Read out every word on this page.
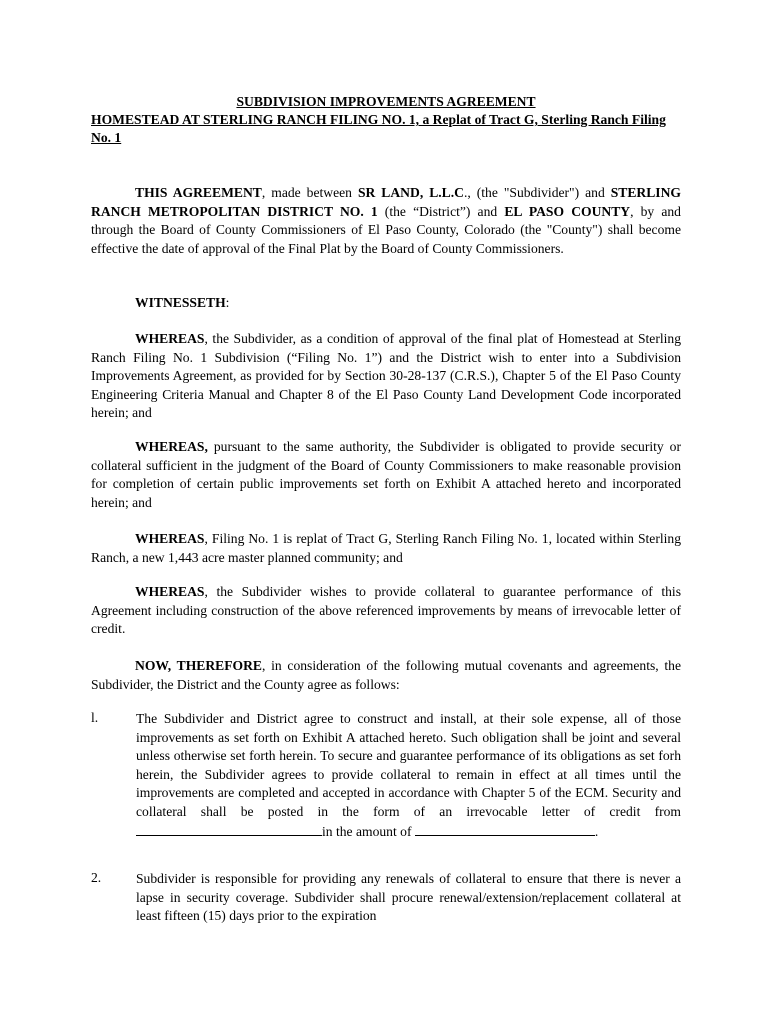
SUBDIVISION IMPROVEMENTS AGREEMENT
HOMESTEAD AT STERLING RANCH FILING NO. 1, a Replat of Tract G, Sterling Ranch Filing No. 1
THIS AGREEMENT, made between SR LAND, L.L.C., (the "Subdivider") and STERLING RANCH METROPOLITAN DISTRICT NO. 1 (the “District”) and EL PASO COUNTY, by and through the Board of County Commissioners of El Paso County, Colorado (the "County") shall become effective the date of approval of the Final Plat by the Board of County Commissioners.
WITNESSETH:
WHEREAS, the Subdivider, as a condition of approval of the final plat of Homestead at Sterling Ranch Filing No. 1 Subdivision (“Filing No. 1”) and the District wish to enter into a Subdivision Improvements Agreement, as provided for by Section 30-28-137 (C.R.S.), Chapter 5 of the El Paso County Engineering Criteria Manual and Chapter 8 of the El Paso County Land Development Code incorporated herein; and
WHEREAS, pursuant to the same authority, the Subdivider is obligated to provide security or collateral sufficient in the judgment of the Board of County Commissioners to make reasonable provision for completion of certain public improvements set forth on Exhibit A attached hereto and incorporated herein; and
WHEREAS, Filing No. 1 is replat of Tract G, Sterling Ranch Filing No. 1, located within Sterling Ranch, a new 1,443 acre master planned community; and
WHEREAS, the Subdivider wishes to provide collateral to guarantee performance of this Agreement including construction of the above referenced improvements by means of irrevocable letter of credit.
NOW, THEREFORE, in consideration of the following mutual covenants and agreements, the Subdivider, the District and the County agree as follows:
l.	The Subdivider and District agree to construct and install, at their sole expense, all of those improvements as set forth on Exhibit A attached hereto. Such obligation shall be joint and several unless otherwise set forth herein. To secure and guarantee performance of its obligations as set forh herein, the Subdivider agrees to provide collateral to remain in effect at all times until the improvements are completed and accepted in accordance with Chapter 5 of the ECM. Security and collateral shall be posted in the form of an irrevocable letter of credit from in the amount of	.
2.	Subdivider is responsible for providing any renewals of collateral to ensure that there is never a lapse in security coverage. Subdivider shall procure renewal/extension/replacement collateral at least fifteen (15) days prior to the expiration
